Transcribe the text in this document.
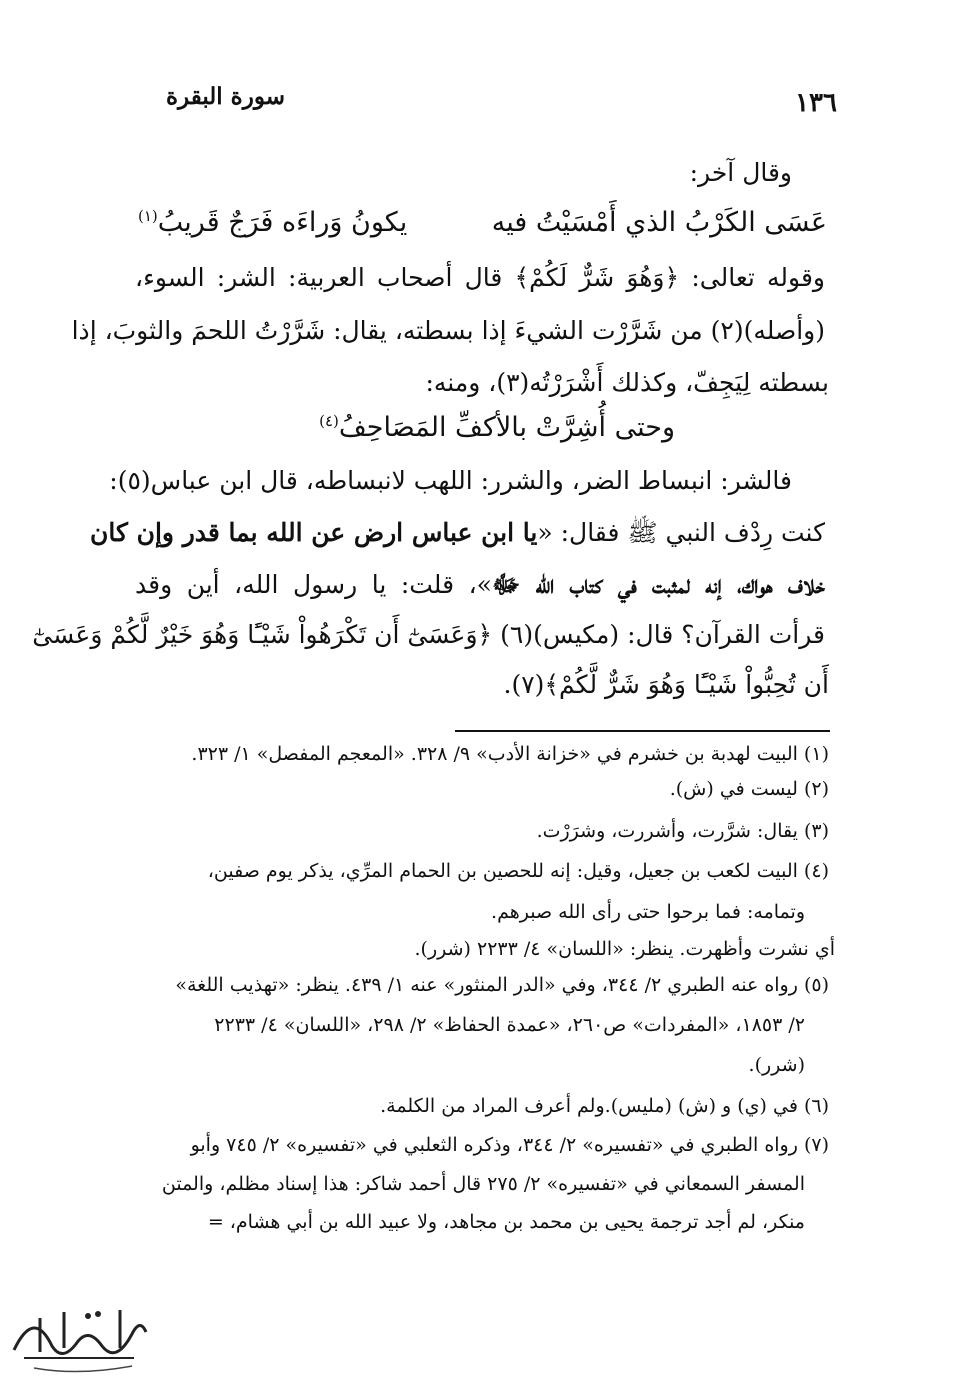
سورة البقرة	١٣٦
وقال آخر:
عَسَى الكَرْبُ الذي أَمْسَيْتُ فيه
يكونُ وَراءَه فَرَجٌ قَريبُ$^{(١)}$
وقوله تعالى: ﴿وَهُوَ شَرٌّ لَكُمْ﴾ قال أصحاب العربية: الشر: السوء،
(وأصله)(٢) من شَرَّرْت الشيءَ إذا بسطته، يقال: شَرَّرْتُ اللحمَ والثوبَ، إذا
بسطته لِيَجِفّ، وكذلك أَشْرَرْتُه(٣)، ومنه:
وحتى أُشِرَّتْ بالأكفِّ المَصَاحِفُ$^{(٤)}$
فالشر: انبساط الضر، والشرر: اللهب لانبساطه، قال ابن عباس(٥):
كنت رِدْف النبي ﷺ فقال: «يا ابن عباس ارض عن الله بما قدر وإن كان
خلاف هواك، إنه لمثبت في كتاب الله ﷻ»، قلت: يا رسول الله، أين وقد
قرأت القرآن؟ قال: (مكيس)(٦) ﴿وَعَسَىٰٓ أَن تَكْرَهُواْ شَيْـًٔا وَهُوَ خَيْرٌ لَّكُمْ وَعَسَىٰٓ
أَن تُحِبُّواْ شَيْـًٔا وَهُوَ شَرٌّ لَّكُمْ﴾(٧).
(١) البيت لهدبة بن خشرم في «خزانة الأدب» ٩/ ٣٢٨. «المعجم المفصل» ١/ ٣٢٣.
(٢) ليست في (ش).
(٣) يقال: شرَّرت، وأشررت، وشرَرْت.
(٤) البيت لكعب بن جعيل، وقيل: إنه للحصين بن الحمام المرِّي، يذكر يوم صفين،
وتمامه: فما برحوا حتى رأى الله صبرهم.
أي نشرت وأظهرت. ينظر: «اللسان» ٤/ ٢٢٣٣ (شرر).
(٥) رواه عنه الطبري ٢/ ٣٤٤، وفي «الدر المنثور» عنه ١/ ٤٣٩. ينظر: «تهذيب اللغة»
٢/ ١٨٥٣، «المفردات» ص٢٦٠، «عمدة الحفاظ» ٢/ ٢٩٨، «اللسان» ٤/ ٢٢٣٣
(شرر).
(٦) في (ي) و (ش) (مليس).ولم أعرف المراد من الكلمة.
(٧) رواه الطبري في «تفسيره» ٢/ ٣٤٤، وذكره الثعلبي في «تفسيره» ٢/ ٧٤٥ وأبو
المسفر السمعاني في «تفسيره» ٢/ ٢٧٥ قال أحمد شاكر: هذا إسناد مظلم، والمتن
منكر، لم أجد ترجمة يحيى بن محمد بن مجاهد، ولا عبيد الله بن أبي هشام، =
